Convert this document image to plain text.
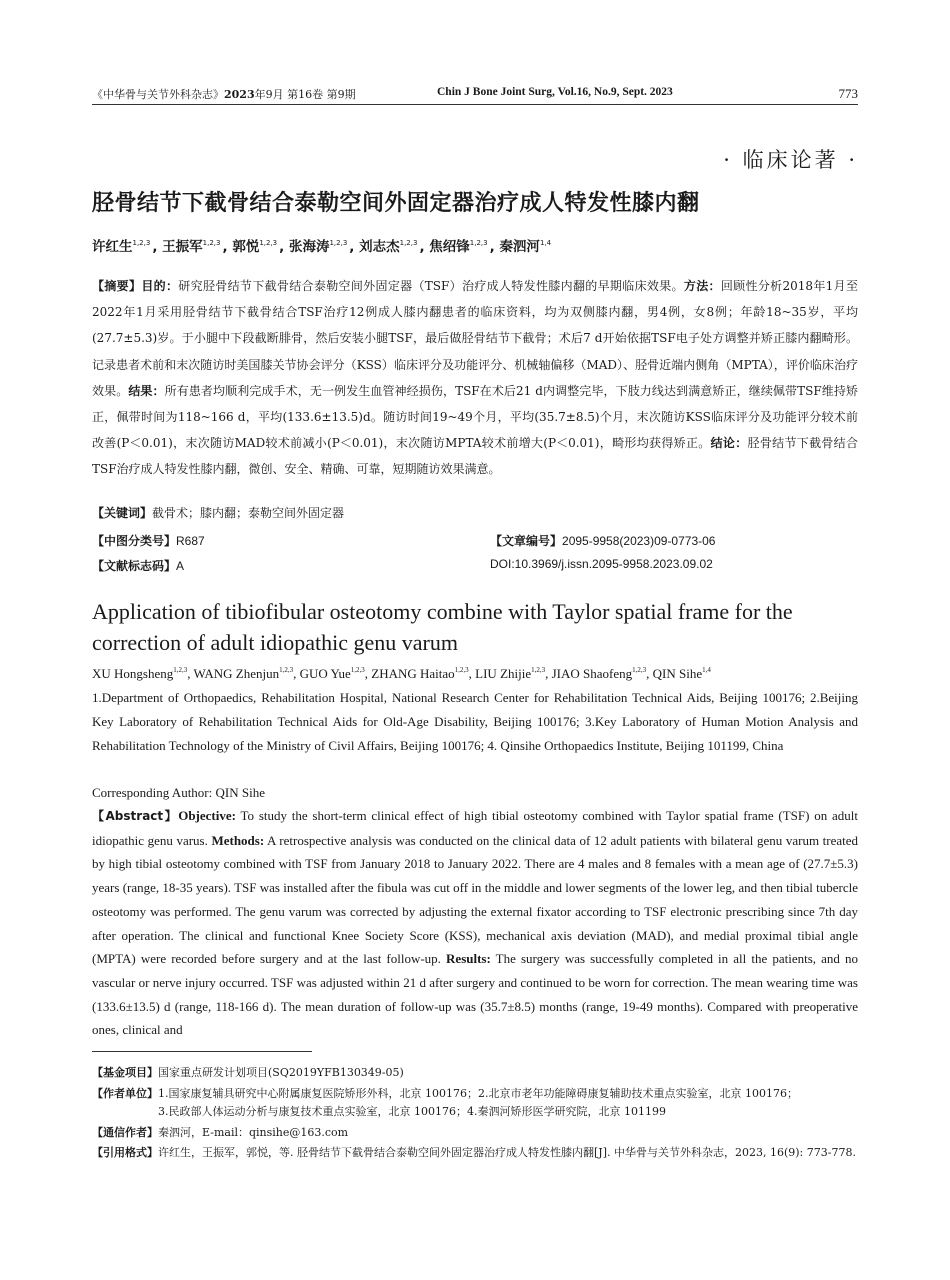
《中华骨与关节外科杂志》2023年9月 第16卷 第9期	Chin J Bone Joint Surg, Vol.16, No.9, Sept. 2023	773
· 临床论著 ·
胫骨结节下截骨结合泰勒空间外固定器治疗成人特发性膝内翻
许红生$^{1,2,3}$ , 王振军$^{1,2,3}$ , 郭悦$^{1,2,3}$ , 张海涛$^{1,2,3}$ , 刘志杰$^{1,2,3}$ , 焦绍锋$^{1,2,3}$ , 秦泗河$^{1,4}$
【摘要】目的：研究胫骨结节下截骨结合泰勒空间外固定器（TSF）治疗成人特发性膝内翻的早期临床效果。方法：回顾性分析2018年1月至2022年1月采用胫骨结节下截骨结合TSF治疗12例成人膝内翻患者的临床资料，均为双侧膝内翻，男4例，女8例；年龄18~35岁，平均(27.7±5.3)岁。于小腿中下段截断腓骨，然后安装小腿TSF，最后做胫骨结节下截骨；术后7 d开始依据TSF电子处方调整并矫正膝内翻畸形。记录患者术前和末次随访时美国膝关节协会评分（KSS）临床评分及功能评分、机械轴偏移（MAD）、胫骨近端内侧角（MPTA），评价临床治疗效果。结果：所有患者均顺利完成手术，无一例发生血管神经损伤，TSF在术后21 d内调整完毕，下肢力线达到满意矫正，继续佩带TSF维持矫正，佩带时间为118~166 d，平均(133.6±13.5)d。随访时间19~49个月，平均(35.7±8.5)个月，末次随访KSS临床评分及功能评分较术前改善(P＜0.01)，末次随访MAD较术前减小(P＜0.01)，末次随访MPTA较术前增大(P＜0.01)，畸形均获得矫正。结论：胫骨结节下截骨结合TSF治疗成人特发性膝内翻，微创、安全、精确、可靠，短期随访效果满意。
【关键词】截骨术；膝内翻；泰勒空间外固定器
【中图分类号】R687	【文章编号】2095-9958(2023)09-0773-06
【文献标志码】A	DOI:10.3969/j.issn.2095-9958.2023.09.02
Application of tibiofibular osteotomy combine with Taylor spatial frame for the correction of adult idiopathic genu varum
XU Hongsheng$^{1,2,3}$, WANG Zhenjun$^{1,2,3}$, GUO Yue$^{1,2,3}$, ZHANG Haitao$^{1,2,3}$, LIU Zhijie$^{1,2,3}$, JIAO Shaofeng$^{1,2,3}$, QIN Sihe$^{1,4}$
1.Department of Orthopaedics, Rehabilitation Hospital, National Research Center for Rehabilitation Technical Aids, Beijing 100176; 2.Beijing Key Laboratory of Rehabilitation Technical Aids for Old-Age Disability, Beijing 100176; 3.Key Laboratory of Human Motion Analysis and Rehabilitation Technology of the Ministry of Civil Affairs, Beijing 100176; 4. Qinsihe Orthopaedics Institute, Beijing 101199, China
Corresponding Author: QIN Sihe
【Abstract】Objective: To study the short-term clinical effect of high tibial osteotomy combined with Taylor spatial frame (TSF) on adult idiopathic genu varus. Methods: A retrospective analysis was conducted on the clinical data of 12 adult patients with bilateral genu varum treated by high tibial osteotomy combined with TSF from January 2018 to January 2022. There are 4 males and 8 females with a mean age of (27.7±5.3) years (range, 18-35 years). TSF was installed after the fibula was cut off in the middle and lower segments of the lower leg, and then tibial tubercle osteotomy was performed. The genu varum was corrected by adjusting the external fixator according to TSF electronic prescribing since 7th day after operation. The clinical and functional Knee Society Score (KSS), mechanical axis deviation (MAD), and medial proximal tibial angle (MPTA) were recorded before surgery and at the last follow-up. Results: The surgery was successfully completed in all the patients, and no vascular or nerve injury occurred. TSF was adjusted within 21 d after surgery and continued to be worn for correction. The mean wearing time was (133.6±13.5) d (range, 118-166 d). The mean duration of follow-up was (35.7±8.5) months (range, 19-49 months). Compared with preoperative ones, clinical and
【基金项目】国家重点研发计划项目(SQ2019YFB130349-05)
【作者单位】1.国家康复辅具研究中心附属康复医院矫形外科，北京 100176；2.北京市老年功能障碍康复辅助技术重点实验室，北京 100176；
3.民政部人体运动分析与康复技术重点实验室，北京 100176；4.秦泗河矫形医学研究院，北京 101199
【通信作者】秦泗河，E-mail：qinsihe@163.com
【引用格式】许红生，王振军，郭悦，等. 胫骨结节下截骨结合泰勒空间外固定器治疗成人特发性膝内翻[J]. 中华骨与关节外科杂志，2023, 16(9): 773-778.
